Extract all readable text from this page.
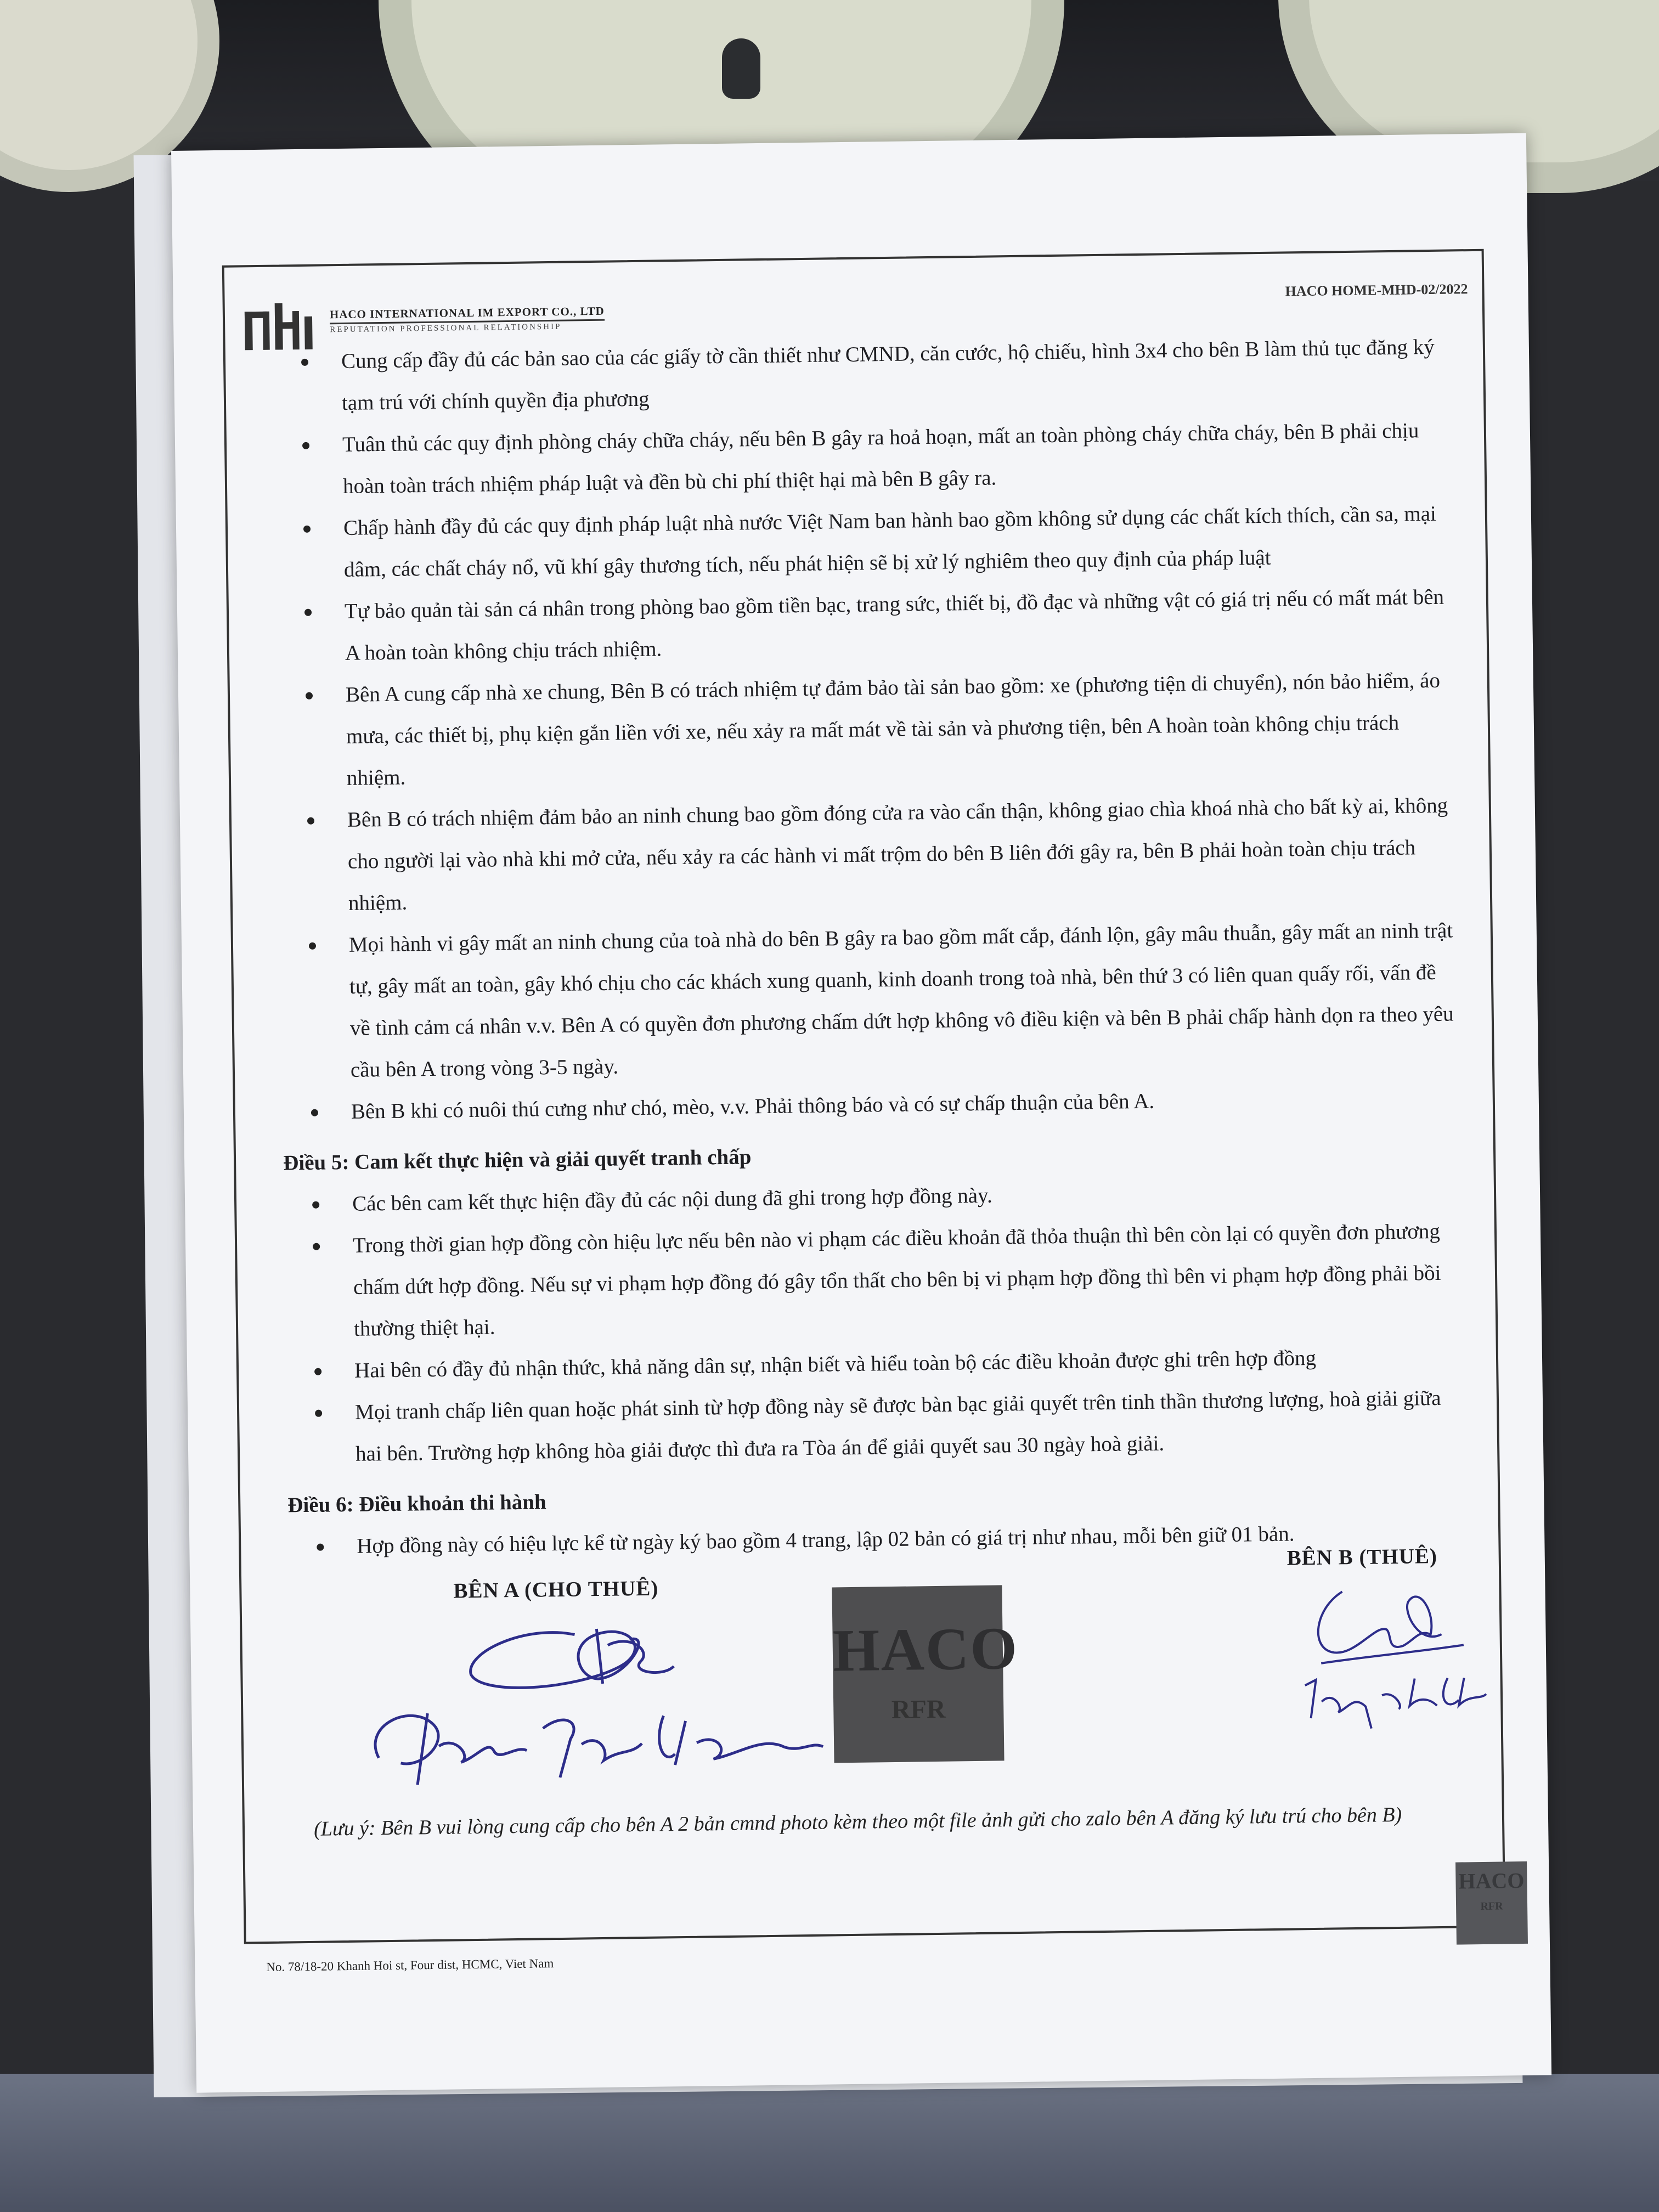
HACO INTERNATIONAL IM EXPORT CO., LTD
REPUTATION PROFESSIONAL RELATIONSHIP
HACO HOME-MHD-02/2022
Cung cấp đầy đủ các bản sao của các giấy tờ cần thiết như CMND, căn cước, hộ chiếu, hình 3x4 cho bên B làm thủ tục đăng ký tạm trú với chính quyền địa phương
Tuân thủ các quy định phòng cháy chữa cháy, nếu bên B gây ra hoả hoạn, mất an toàn phòng cháy chữa cháy, bên B phải chịu hoàn toàn trách nhiệm pháp luật và đền bù chi phí thiệt hại mà bên B gây ra.
Chấp hành đầy đủ các quy định pháp luật nhà nước Việt Nam ban hành bao gồm không sử dụng các chất kích thích, cần sa, mại dâm, các chất cháy nổ, vũ khí gây thương tích, nếu phát hiện sẽ bị xử lý nghiêm theo quy định của pháp luật
Tự bảo quản tài sản cá nhân trong phòng bao gồm tiền bạc, trang sức, thiết bị, đồ đạc và những vật có giá trị nếu có mất mát bên A hoàn toàn không chịu trách nhiệm.
Bên A cung cấp nhà xe chung, Bên B có trách nhiệm tự đảm bảo tài sản bao gồm: xe (phương tiện di chuyển), nón bảo hiểm, áo mưa, các thiết bị, phụ kiện gắn liền với xe, nếu xảy ra mất mát về tài sản và phương tiện, bên A hoàn toàn không chịu trách nhiệm.
Bên B có trách nhiệm đảm bảo an ninh chung bao gồm đóng cửa ra vào cẩn thận, không giao chìa khoá nhà cho bất kỳ ai, không cho người lại vào nhà khi mở cửa, nếu xảy ra các hành vi mất trộm do bên B liên đới gây ra, bên B phải hoàn toàn chịu trách nhiệm.
Mọi hành vi gây mất an ninh chung của toà nhà do bên B gây ra bao gồm mất cắp, đánh lộn, gây mâu thuẫn, gây mất an ninh trật tự, gây mất an toàn, gây khó chịu cho các khách xung quanh, kinh doanh trong toà nhà, bên thứ 3 có liên quan quấy rối, vấn đề về tình cảm cá nhân v.v. Bên A có quyền đơn phương chấm dứt hợp không vô điều kiện và bên B phải chấp hành dọn ra theo yêu cầu bên A trong vòng 3-5 ngày.
Bên B khi có nuôi thú cưng như chó, mèo, v.v. Phải thông báo và có sự chấp thuận của bên A.
Điều 5: Cam kết thực hiện và giải quyết tranh chấp
Các bên cam kết thực hiện đầy đủ các nội dung đã ghi trong hợp đồng này.
Trong thời gian hợp đồng còn hiệu lực nếu bên nào vi phạm các điều khoản đã thỏa thuận thì bên còn lại có quyền đơn phương chấm dứt hợp đồng. Nếu sự vi phạm hợp đồng đó gây tổn thất cho bên bị vi phạm hợp đồng thì bên vi phạm hợp đồng phải bồi thường thiệt hại.
Hai bên có đầy đủ nhận thức, khả năng dân sự, nhận biết và hiểu toàn bộ các điều khoản được ghi trên hợp đồng
Mọi tranh chấp liên quan hoặc phát sinh từ hợp đồng này sẽ được bàn bạc giải quyết trên tinh thần thương lượng, hoà giải giữa hai bên. Trường hợp không hòa giải được thì đưa ra Tòa án để giải quyết sau 30 ngày hoà giải.
Điều 6: Điều khoản thi hành
Hợp đồng này có hiệu lực kể từ ngày ký bao gồm 4 trang, lập 02 bản có giá trị như nhau, mỗi bên giữ 01 bản.
BÊN A (CHO THUÊ)
BÊN B (THUÊ)
HACO
RFR
(Lưu ý: Bên B vui lòng cung cấp cho bên A 2 bản cmnd photo kèm theo một file ảnh gửi cho zalo bên A đăng ký lưu trú cho bên B)
HACO
RFR
No. 78/18-20 Khanh Hoi st, Four dist, HCMC, Viet Nam
